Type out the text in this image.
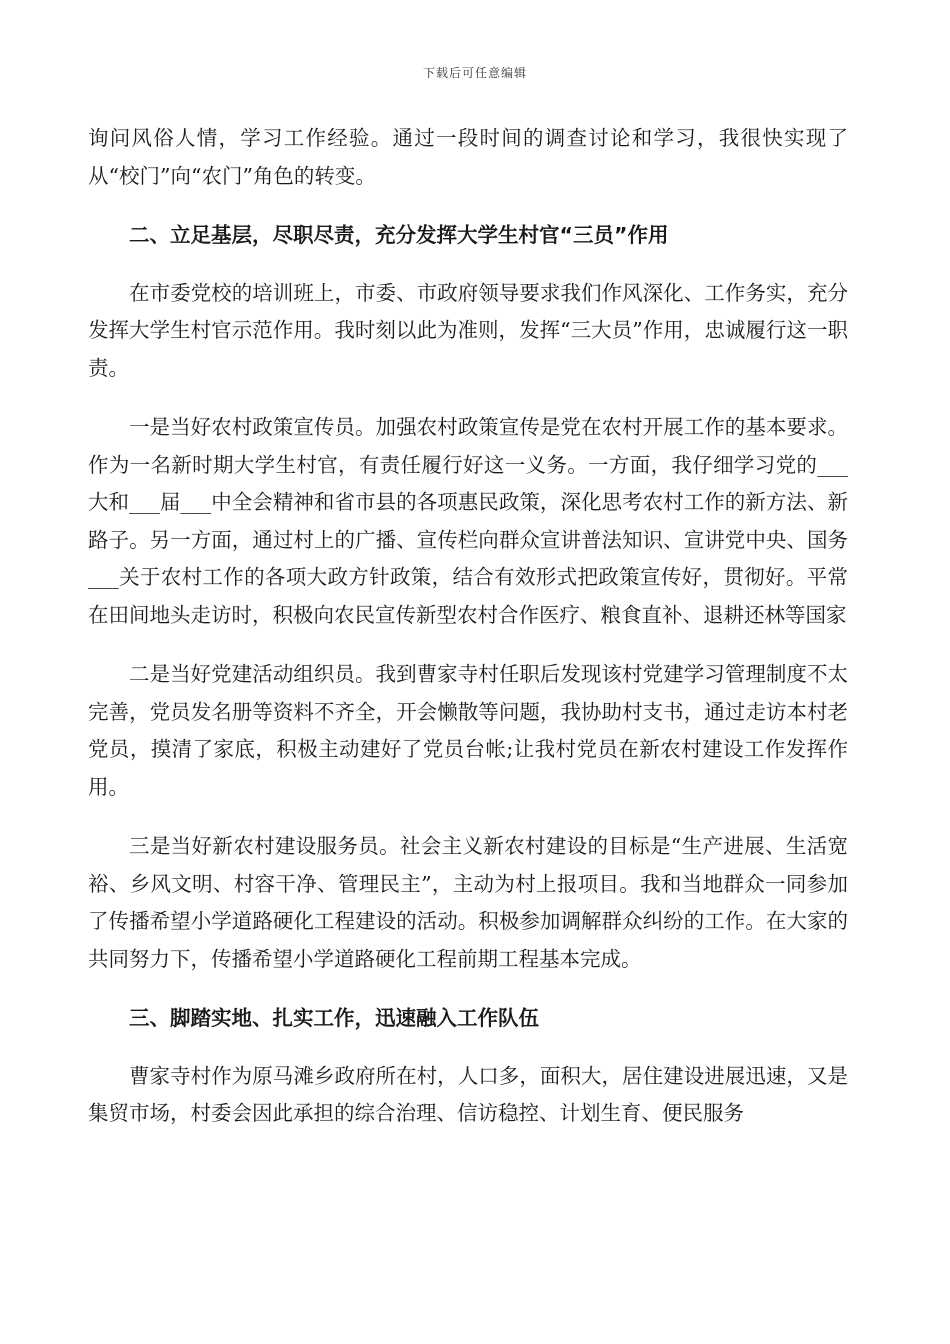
下载后可任意编辑

询问风俗人情，学习工作经验。通过一段时间的调查讨论和学习，我很快实现了从“校门”向“农门”角色的转变。

二、立足基层，尽职尽责，充分发挥大学生村官“三员”作用

在市委党校的培训班上，市委、市政府领导要求我们作风深化、工作务实，充分发挥大学生村官示范作用。我时刻以此为准则，发挥“三大员”作用，忠诚履行这一职责。

一是当好农村政策宣传员。加强农村政策宣传是党在农村开展工作的基本要求。作为一名新时期大学生村官，有责任履行好这一义务。一方面，我仔细学习党的___大和___届___中全会精神和省市县的各项惠民政策，深化思考农村工作的新方法、新路子。另一方面，通过村上的广播、宣传栏向群众宣讲普法知识、宣讲党中央、国务___关于农村工作的各项大政方针政策，结合有效形式把政策宣传好，贯彻好。平常在田间地头走访时，积极向农民宣传新型农村合作医疗、粮食直补、退耕还林等国家

二是当好党建活动组织员。我到曹家寺村任职后发现该村党建学习管理制度不太完善，党员发名册等资料不齐全，开会懒散等问题，我协助村支书，通过走访本村老党员，摸清了家底，积极主动建好了党员台帐;让我村党员在新农村建设工作发挥作用。

三是当好新农村建设服务员。社会主义新农村建设的目标是“生产进展、生活宽裕、乡风文明、村容干净、管理民主”，主动为村上报项目。我和当地群众一同参加了传播希望小学道路硬化工程建设的活动。积极参加调解群众纠纷的工作。在大家的共同努力下，传播希望小学道路硬化工程前期工程基本完成。

三、脚踏实地、扎实工作，迅速融入工作队伍

曹家寺村作为原马滩乡政府所在村，人口多，面积大，居住建设进展迅速，又是集贸市场，村委会因此承担的综合治理、信访稳控、计划生育、便民服务
